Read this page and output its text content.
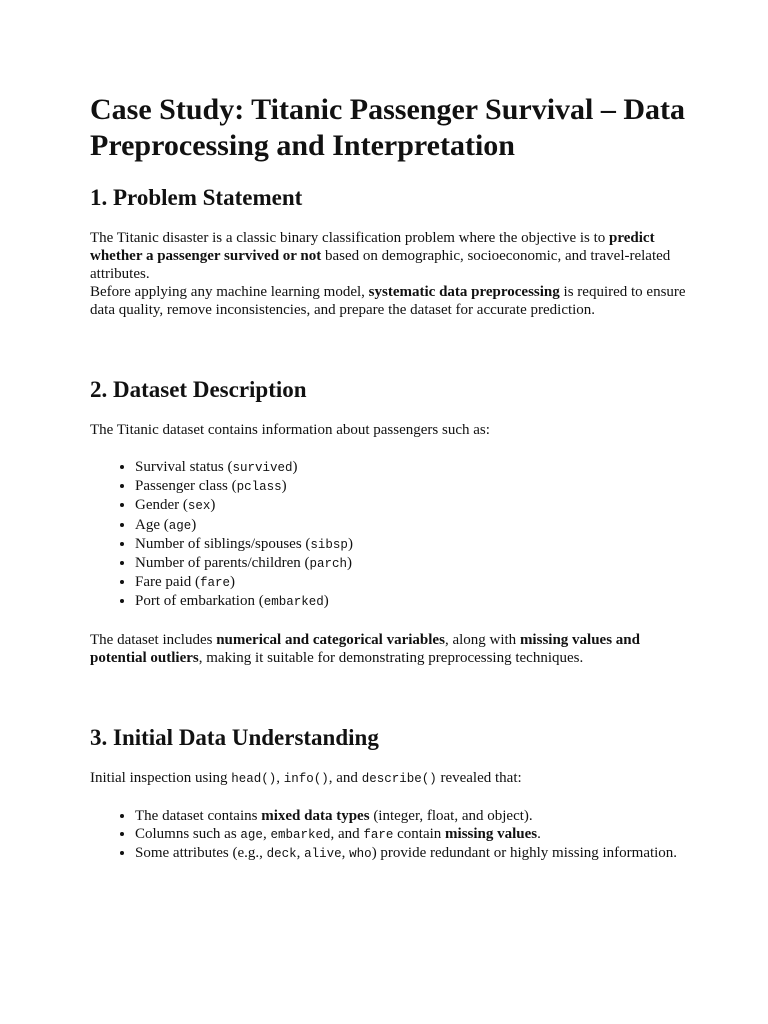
Case Study: Titanic Passenger Survival – Data Preprocessing and Interpretation
1. Problem Statement

The Titanic disaster is a classic binary classification problem where the objective is to predict whether a passenger survived or not based on demographic, socioeconomic, and travel-related attributes.

Before applying any machine learning model, systematic data preprocessing is required to ensure data quality, remove inconsistencies, and prepare the dataset for accurate prediction.

2. Dataset Description

The Titanic dataset contains information about passengers such as:

• Survival status (survived)
• Passenger class (pclass)
• Gender (sex)
• Age (age)
• Number of siblings/spouses (sibsp)
• Number of parents/children (parch)
• Fare paid (fare)
• Port of embarkation (embarked)

The dataset includes numerical and categorical variables, along with missing values and potential outliers, making it suitable for demonstrating preprocessing techniques.

3. Initial Data Understanding

Initial inspection using head(), info(), and describe() revealed that:

• The dataset contains mixed data types (integer, float, and object).
• Columns such as age, embarked, and fare contain missing values.
• Some attributes (e.g., deck, alive, who) provide redundant or highly missing information.
